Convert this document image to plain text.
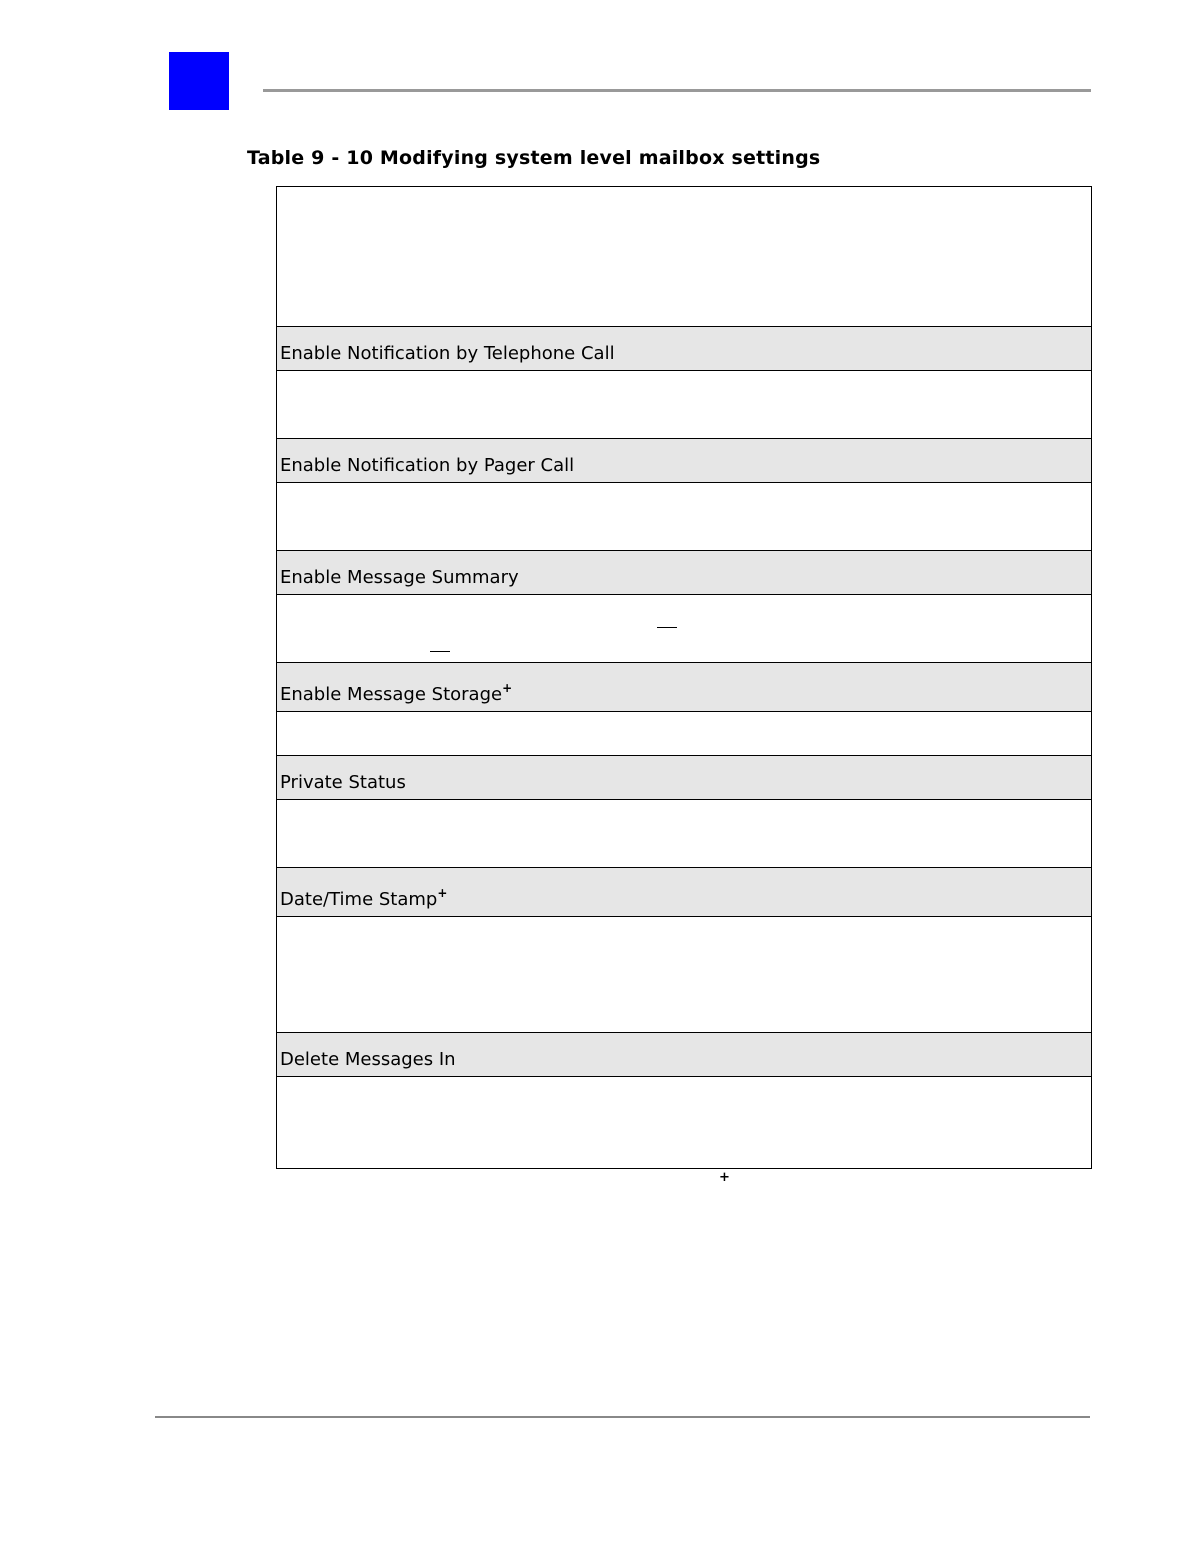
Table 9 - 10 Modifying system level mailbox settings

Enable Notification by Telephone Call

Enable Notification by Pager Call

Enable Message Summary

Enable Message Storage+

Private Status

Date/Time Stamp+

Delete Messages In

+
